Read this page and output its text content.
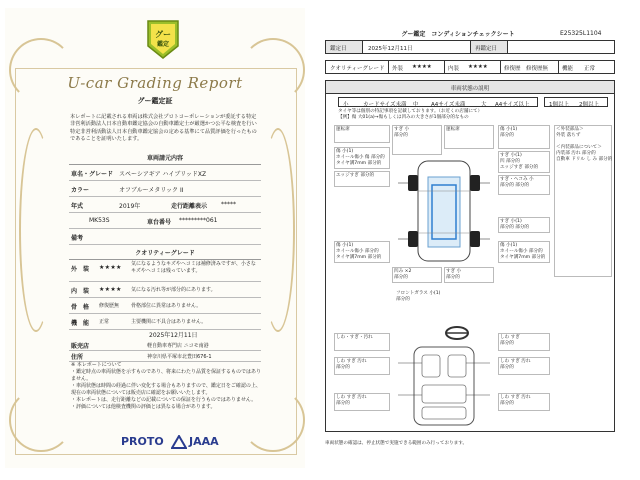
グー
鑑定
U-car Grading Report
グー鑑定証
本レポートに記載される車両は株式会社プロトコーポレーションが委託する特定非営利活動法人日本自動車鑑定協会の自動車鑑定士が厳選かつ公平な検査を行い特定非営利活動法人日本自動車鑑定協会の定める基準にて品質評価を行ったものであることを証明いたします。
車両請元内容
車名・グレード スペーシアギア ハイブリッドXZ
カラー	オフブルーメタリック II
年式	2019年	走行距離表示 *****
MK53S	車台番号 *********061
備考
クオリティーグレード
外　装 ★★★★ 気になるようなキズやヘコミは補修済みですが、小さなキズやヘコミは残っています。
内　装 ★★★★ 気になる汚れ等が部分的にあります。
骨　格 修復歴無 骨格部位に異常はありません。
機　能 正常	主要機関に不具合はありません。
2025年12月11日
販売店	軽自動車専門店 ニコモ南港
住所	神奈川県平塚市北豊田676-1
※ 本レポートについて
・鑑定時点の車両状態を示すものであり、将来にわたり品質を保証するものではありません。
・車両状態は時間の経過に伴い変化する場合もありますので、鑑定日をご確認の上、現在の車両状態については販売店に確認をお願いいたします。
・本レポートは、走行距離などの記載についての保証を行うものではありません。
・評価については他検査機関の評価とは異なる場合があります。
PROTO JAAA
グー鑑定　コンディションチェックシート	E25325L1104
鑑定日	2025年12月11日	再鑑定日
クオリティーグレード 外装 ★★★★	内装 ★★★★	修復歴 修復歴無	機能 正常
車両状態の説明
小	カードサイズ未満 中 A4サイズ未満	大 A4サイズ以上	1個以上 2個以上
タイヤ等は個別の特記事項を記載しております。（お近くの店舗にて）
【例】傷 大01(a)→傷もしくは凹みの大きさが1個部分的なもの
運転席	すぎ 小
部分的
運転席	傷 小(1)
部分的
傷 小(1)
ホイール傷小 傷 部分的
タイヤ溝7mm 部分的
エッジすぎ 部分的
すぎ 小(1)
凹 部分的
エッジすぎ 部分的
すぎ・ヘコみ 小
部分的 部分的
傷 小(1)
ホイール傷小 部分的
タイヤ溝7mm 部分的
傷 小(1)
ホイール傷小 部分的
タイヤ溝7mm 部分的
すぎ 小(1)
部分的 部分的
凹み ×2
部分的
すぎ 小
部分的
フロントガラス 小(1)
部分的
＜外装部品＞
外装 落ちず
＜内装部品について＞
内装部 汚れ 部分的
自動車 ドリル し み 部分的
しわ・すぎ・汚れ	しわ すぎ
部分的
しわ すぎ 汚れ
部分的
しわ すぎ 汚れ
部分的
しわ すぎ 汚れ
部分的
しわ すぎ 汚れ
部分的
車両状態の確認は、停止状態で実施できる範囲のみ行っております。
